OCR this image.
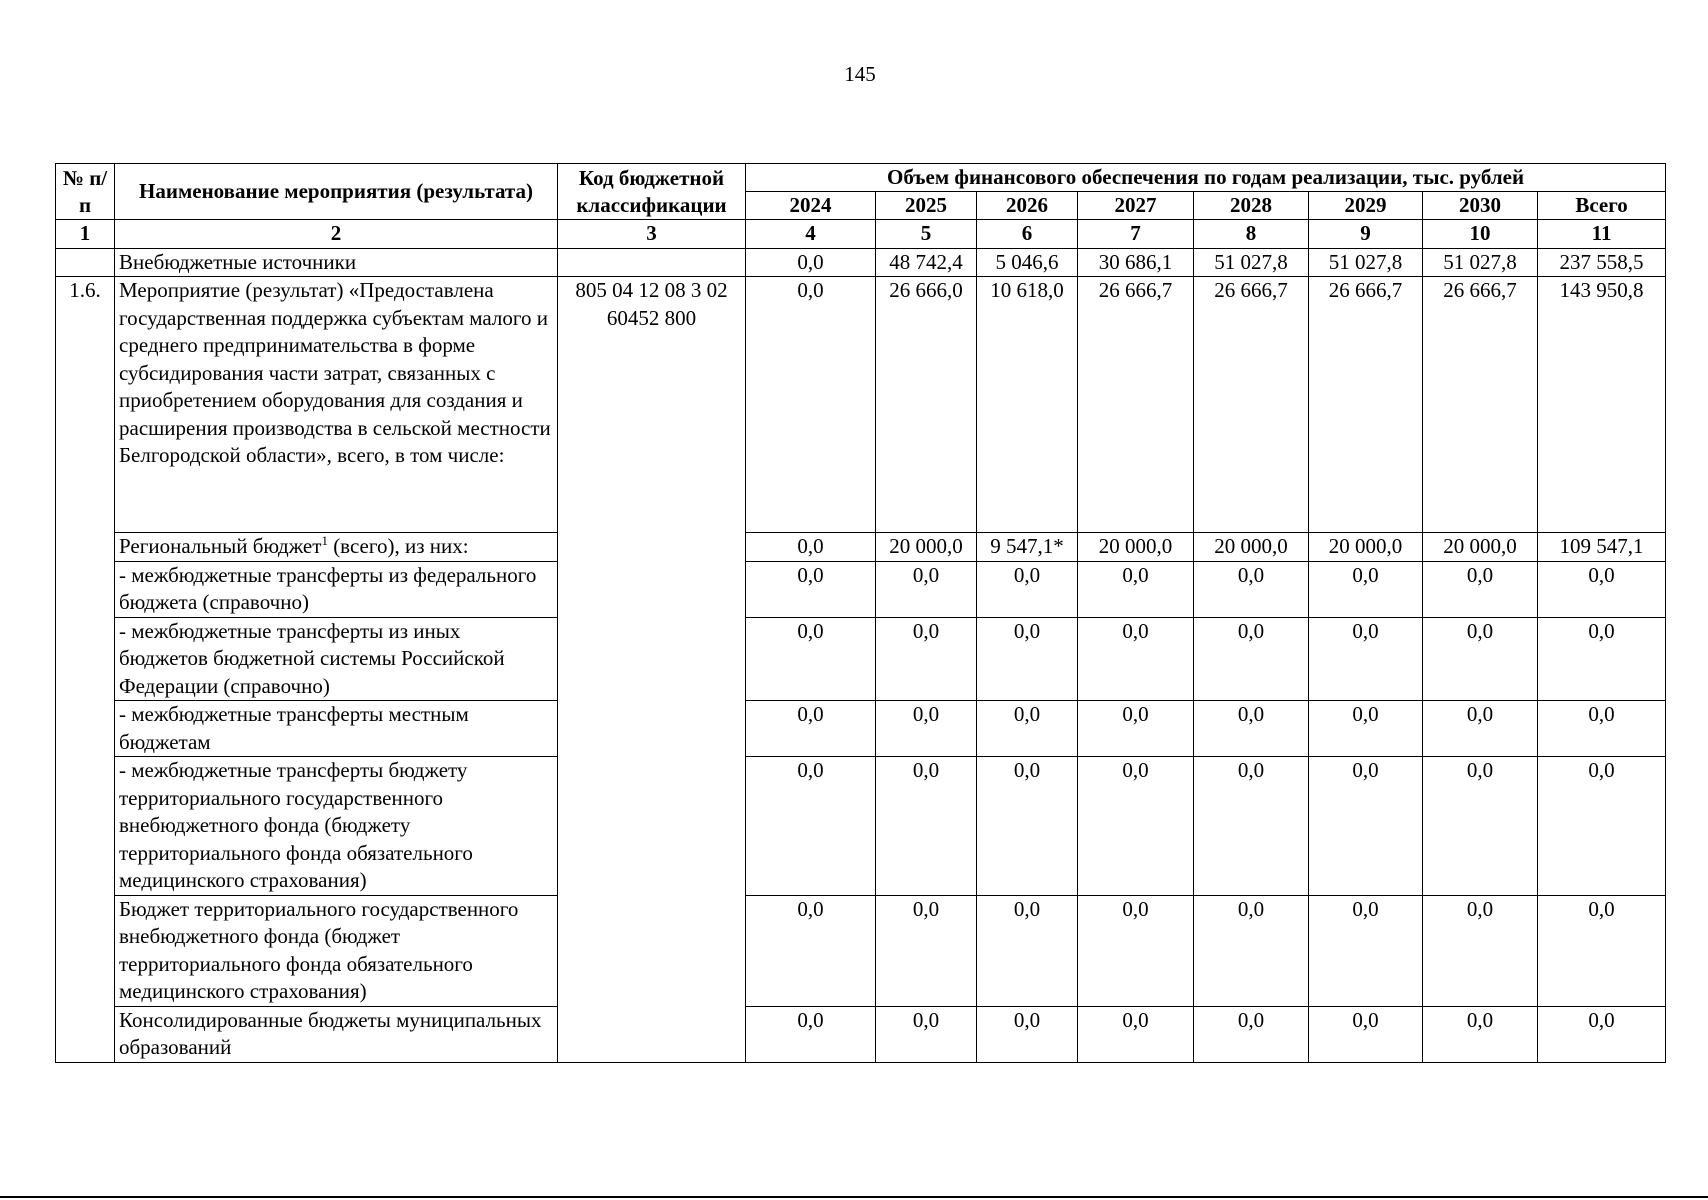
145
№ п/п	Наименование мероприятия (результата)	Код бюджетной классификации	Объем финансового обеспечения по годам реализации, тыс. рублей							
			2024	2025	2026	2027	2028	2029	2030	Всего
1	2	3	4	5	6	7	8	9	10	11
	Внебюджетные источники		0,0	48 742,4	5 046,6	30 686,1	51 027,8	51 027,8	51 027,8	237 558,5
1.6.	Мероприятие (результат) «Предоставлена государственная поддержка субъектам малого и среднего предпринимательства в форме субсидирования части затрат, связанных с приобретением оборудования для создания и расширения производства в сельской местности Белгородской области», всего, в том числе:	805 04 12 08 3 02 60452 800	0,0	26 666,0	10 618,0	26 666,7	26 666,7	26 666,7	26 666,7	143 950,8
	Региональный бюджет$^1$ (всего), из них:		0,0	20 000,0	9 547,1*	20 000,0	20 000,0	20 000,0	20 000,0	109 547,1
	- межбюджетные трансферты из федерального бюджета (справочно)		0,0	0,0	0,0	0,0	0,0	0,0	0,0	0,0
	- межбюджетные трансферты из иных бюджетов бюджетной системы Российской Федерации (справочно)		0,0	0,0	0,0	0,0	0,0	0,0	0,0	0,0
	- межбюджетные трансферты местным бюджетам		0,0	0,0	0,0	0,0	0,0	0,0	0,0	0,0
	- межбюджетные трансферты бюджету территориального государственного внебюджетного фонда (бюджету территориального фонда обязательного медицинского страхования)		0,0	0,0	0,0	0,0	0,0	0,0	0,0	0,0
	Бюджет территориального государственного внебюджетного фонда (бюджет территориального фонда обязательного медицинского страхования)		0,0	0,0	0,0	0,0	0,0	0,0	0,0	0,0
	Консолидированные бюджеты муниципальных образований		0,0	0,0	0,0	0,0	0,0	0,0	0,0	0,0
